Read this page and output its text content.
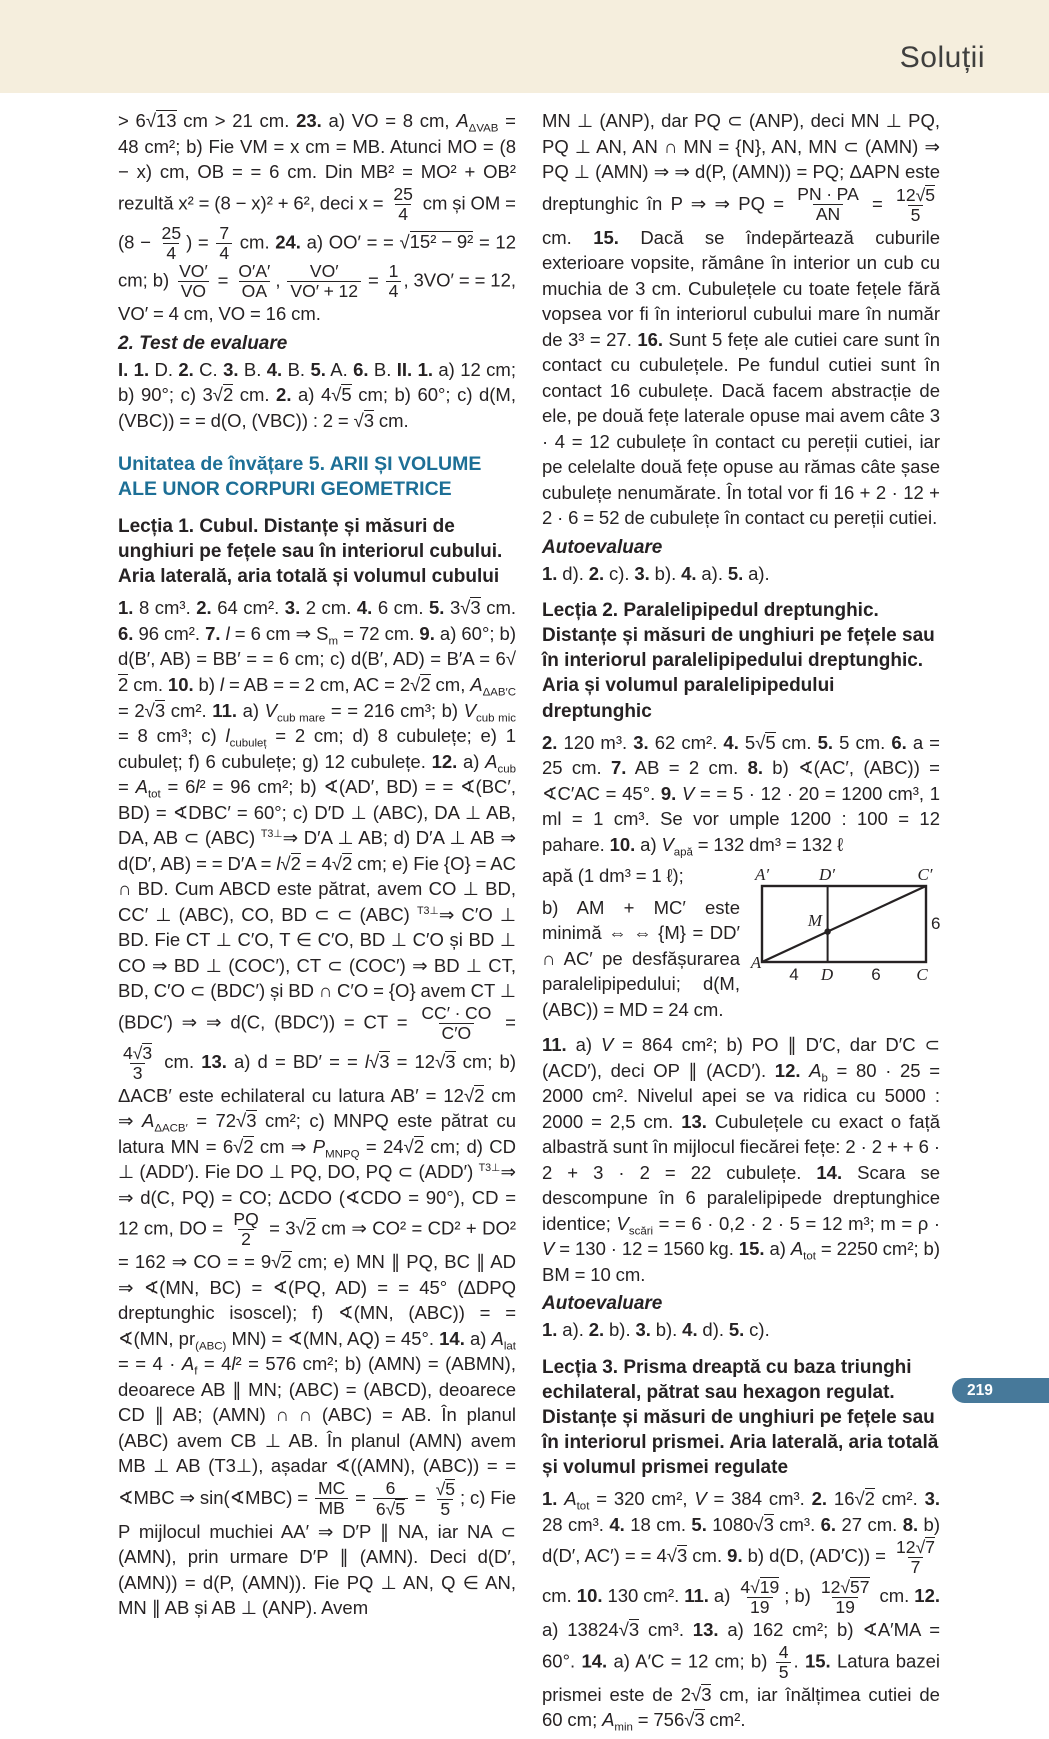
Soluții

> 6√13 cm > 21 cm. 23. a) VO = 8 cm, $A_{\Delta VAB} = 48$ cm²; b) Fie VM = x cm = MB. Atunci MO = (8 − x) cm, OB = = 6 cm. Din MB² = MO² + OB² rezultă x² = (8 − x)² + 6², deci $x = \frac{25}{4}$ cm și OM = ($8 - \frac{25}{4}$ ) = $\frac{7}{4}$ cm. 24. a) OO′ = = √15² − 9² = 12 cm; $b) \frac{VO'}{VO} = \frac{O'A'}{OA}$ , $\frac{VO'}{VO' + 12} = \frac{1}{4}$ , 3VO′ = = 12, VO′ = 4 cm, VO = 16 cm.

2. Test de evaluare

I. 1. D. 2. C. 3. B. 4. B. 5. A. 6. B. II. 1. a) 12 cm; b) 90°; c) 3√2 cm. 2. a) 4√5 cm; b) 60°; c) d(M, (VBC)) = = d(O, (VBC)) : 2 = √3 cm.

Unitatea de învățare 5. ARII ȘI VOLUME ALE UNOR CORPURI GEOMETRICE

Lecția 1. Cubul. Distanțe și măsuri de unghiuri pe fețele sau în interiorul cubului. Aria laterală, aria totală și volumul cubului

1. 8 cm³. 2. 64 cm². 3. 2 cm. 4. 6 cm. 5. 3√3 cm. 6. 96 cm². 7. l = 6 cm ⇒ $S_m = 72$ cm. 9. a) 60°; b) d(B′, AB) = BB′ = = 6 cm; c) d(B′, AD) = B′A = 6√2 cm. 10. b) l = AB = = 2 cm, AC = 2√2 cm, $A_{\Delta AB'C} = 2√3$ cm². 11. a) $V_{cub mare}$ = = 216 cm³; b) $V_{cub mic} = 8$ cm³; c) $l_{cubuleț} = 2$ cm; d) 8 cubulețe; e) 1 cubuleț; f) 6 cubulețe; g) 12 cubulețe. 12. a) $A_{cub} = A_{tot} = 6l^2 = 96$ cm²; b) ∢(AD′, BD) = = ∢(BC′, BD) = ∢DBC′ = 60°; c) D′D ⊥ (ABC), DA ⊥ AB, DA, AB ⊂ (ABC) $^{T3\perp}$⇒ D′A ⊥ AB; d) D′A ⊥ AB ⇒ d(D′, AB) = = D′A = l√2 = 4√2 cm; e) Fie {O} = AC ∩ BD. Cum ABCD este pătrat, avem CO ⊥ BD, CC′ ⊥ (ABC), CO, BD ⊂ ⊂ (ABC) $^{T3\perp}$⇒ C′O ⊥ BD. Fie CT ⊥ C′O, T ∈ C′O, BD ⊥ C′O și BD ⊥ CO ⇒ BD ⊥ (COC′), CT ⊂ (COC′) ⇒ BD ⊥ CT, BD, C′O ⊂ (BDC′) și BD ∩ C′O = {O} avem CT ⊥ (BDC′) ⇒ ⇒ d(C, (BDC′)) = CT = $\frac{CC' \cdot CO}{C'O}$ =
$\frac{4√3}{3}$ cm. 13. a) d = BD′ = = l√3 = 12√3 cm; b) ΔACB′ este echilateral cu latura AB′ = 12√2 cm ⇒ $A_{\Delta ACB'} = 72√3$ cm²; c) MNPQ este pătrat cu latura MN = 6√2 cm ⇒ $P_{MNPQ} = 24√2$ cm; d) CD ⊥ (ADD′). Fie DO ⊥ PQ, DO, PQ ⊂ (ADD′) $^{T3\perp}$⇒ ⇒ d(C, PQ) = CO; ΔCDO (∢CDO = 90°), CD = 12 cm, DO = $\frac{PQ}{2} = 3√2$ cm ⇒ CO² = CD² + DO² = 162 ⇒ CO = = 9√2 cm; e) MN ∥ PQ, BC ∥ AD ⇒ ∢(MN, BC) = ∢(PQ, AD) = = 45° (ΔDPQ dreptunghic isoscel); f) ∢(MN, (ABC)) = = ∢(MN, $pr_{(ABC)}$ MN) = ∢(MN, AQ) = 45°. 14. a) $A_{lat}$ = = $4 \cdot A_f = 4l^2 = 576$ cm²; b) (AMN) = (ABMN), deoarece AB ∥ MN; (ABC) = (ABCD), deoarece CD ∥ AB; (AMN) ∩ ∩ (ABC) = AB. În planul (ABC) avem CB ⊥ AB. În planul (AMN) avem MB ⊥ AB (T3⊥), așadar ∢((AMN), (ABC)) = = ∢MBC ⇒ sin(∢MBC) = $\frac{MC}{MB} = \frac{6}{6√5} = \frac{√5}{5}$ ; c) Fie P mijlocul muchiei AA′ ⇒ D′P ∥ NA, iar NA ⊂ (AMN), prin urmare D′P ∥ (AMN). Deci d(D′, (AMN)) = d(P, (AMN)). Fie PQ ⊥ AN, Q ∈ AN, MN ∥ AB și AB ⊥ (ANP). Avem

MN ⊥ (ANP), dar PQ ⊂ (ANP), deci MN ⊥ PQ, PQ ⊥ AN, AN ∩ MN = {N}, AN, MN ⊂ (AMN) ⇒ PQ ⊥ (AMN) ⇒ ⇒ d(P, (AMN)) = PQ; ΔAPN este dreptunghic în P ⇒ ⇒ PQ = $\frac{PN \cdot PA}{AN} = \frac{12√5}{5}$
cm. 15. Dacă se îndepărtează cuburile exterioare vopsite, rămâne în interior un cub cu muchia de 3 cm. Cubulețele cu toate fețele fără vopsea vor fi în interiorul cubului mare în număr de 3³ = 27. 16. Sunt 5 fețe ale cutiei care sunt în contact cu cubulețele. Pe fundul cutiei sunt în contact 16 cubulețe. Dacă facem abstracție de ele, pe două fețe laterale opuse mai avem câte 3 · 4 = 12 cubulețe în contact cu pereții cutiei, iar pe celelalte două fețe opuse au rămas câte șase cubulețe nenumărate. În total vor fi 16 + 2 · 12 + 2 · 6 = 52 de cubulețe în contact cu pereții cutiei.

Autoevaluare

1. d). 2. c). 3. b). 4. a). 5. a).

Lecția 2. Paralelipipedul dreptunghic. Distanțe și măsuri de unghiuri pe fețele sau în interiorul paralelipipedului dreptunghic. Aria și volumul paralelipipedului dreptunghic

2. 120 m³. 3. 62 cm². 4. 5√5 cm. 5. 5 cm. 6. a = 25 cm. 7. AB = 2 cm. 8. b) ∢(AC′, (ABC)) = ∢C′AC = 45°. 9. V = = 5 · 12 · 20 = 1200 cm³, 1 ml = 1 cm³. Se vor umple 1200 : 100 = 12 pahare. 10. a) $V_{apă} = 132$ dm³ = 132 ℓ

apă (1 dm³ = 1 ℓ);

b) AM + MC′ este minimă ⇔ ⇔ {M} = DD′ ∩ AC′ pe desfășurarea paralelipipedului; d(M, (ABC)) = MD = 24 cm.

A′	D′	C′
A
4 D 6 C
6
M

11. a) V = 864 cm²; b) PO ∥ D′C, dar D′C ⊂ (ACD′), deci OP ∥ (ACD′). 12. $A_b = 80 \cdot 25 = 2000$ cm². Nivelul apei se va ridica cu 5000 : 2000 = 2,5 cm. 13. Cubulețele cu exact o față albastră sunt în mijlocul fiecărei fețe: 2 · 2 + + 6 · 2 + 3 · 2 = 22 cubulețe. 14. Scara se descompune în 6 paralelipipede dreptunghice identice; $V_{scări}$ = = 6 · 0,2 · 2 · 5 = 12 m³; m = ρ · V = 130 · 12 = 1560 kg. 15. a) $A_{tot} = 2250$ cm²; b) BM = 10 cm.

Autoevaluare

1. a). 2. b). 3. b). 4. d). 5. c).

Lecția 3. Prisma dreaptă cu baza triunghi echilateral, pătrat sau hexagon regulat. Distanțe și măsuri de unghiuri pe fețele sau în interiorul prismei. Aria laterală, aria totală și volumul prismei regulate

1. $A_{tot} = 320$ cm², V = 384 cm³. 2. 16√2 cm². 3. 28 cm³. 4. 18 cm. 5. 1080√3 cm³. 6. 27 cm. 8. b) d(D′, AC′) = = 4√3 cm. 9. b) d(D, $(AD'C)) = \frac{12√7}{7}$
cm. 10. 130 cm². 11. $a) \frac{4√19}{19}$ ; $b) \frac{12√57}{19}$ cm. 12. a) 13824√3 cm³. 13. a) 162 cm²; b) ∢A′MA = 60°. 14. a) A′C = 12 cm; $b) \frac{4}{5}$ . 15. Latura bazei prismei este de 2√3 cm, iar înălțimea cutiei de 60 cm; $A_{min} = 756√3$ cm².

219
